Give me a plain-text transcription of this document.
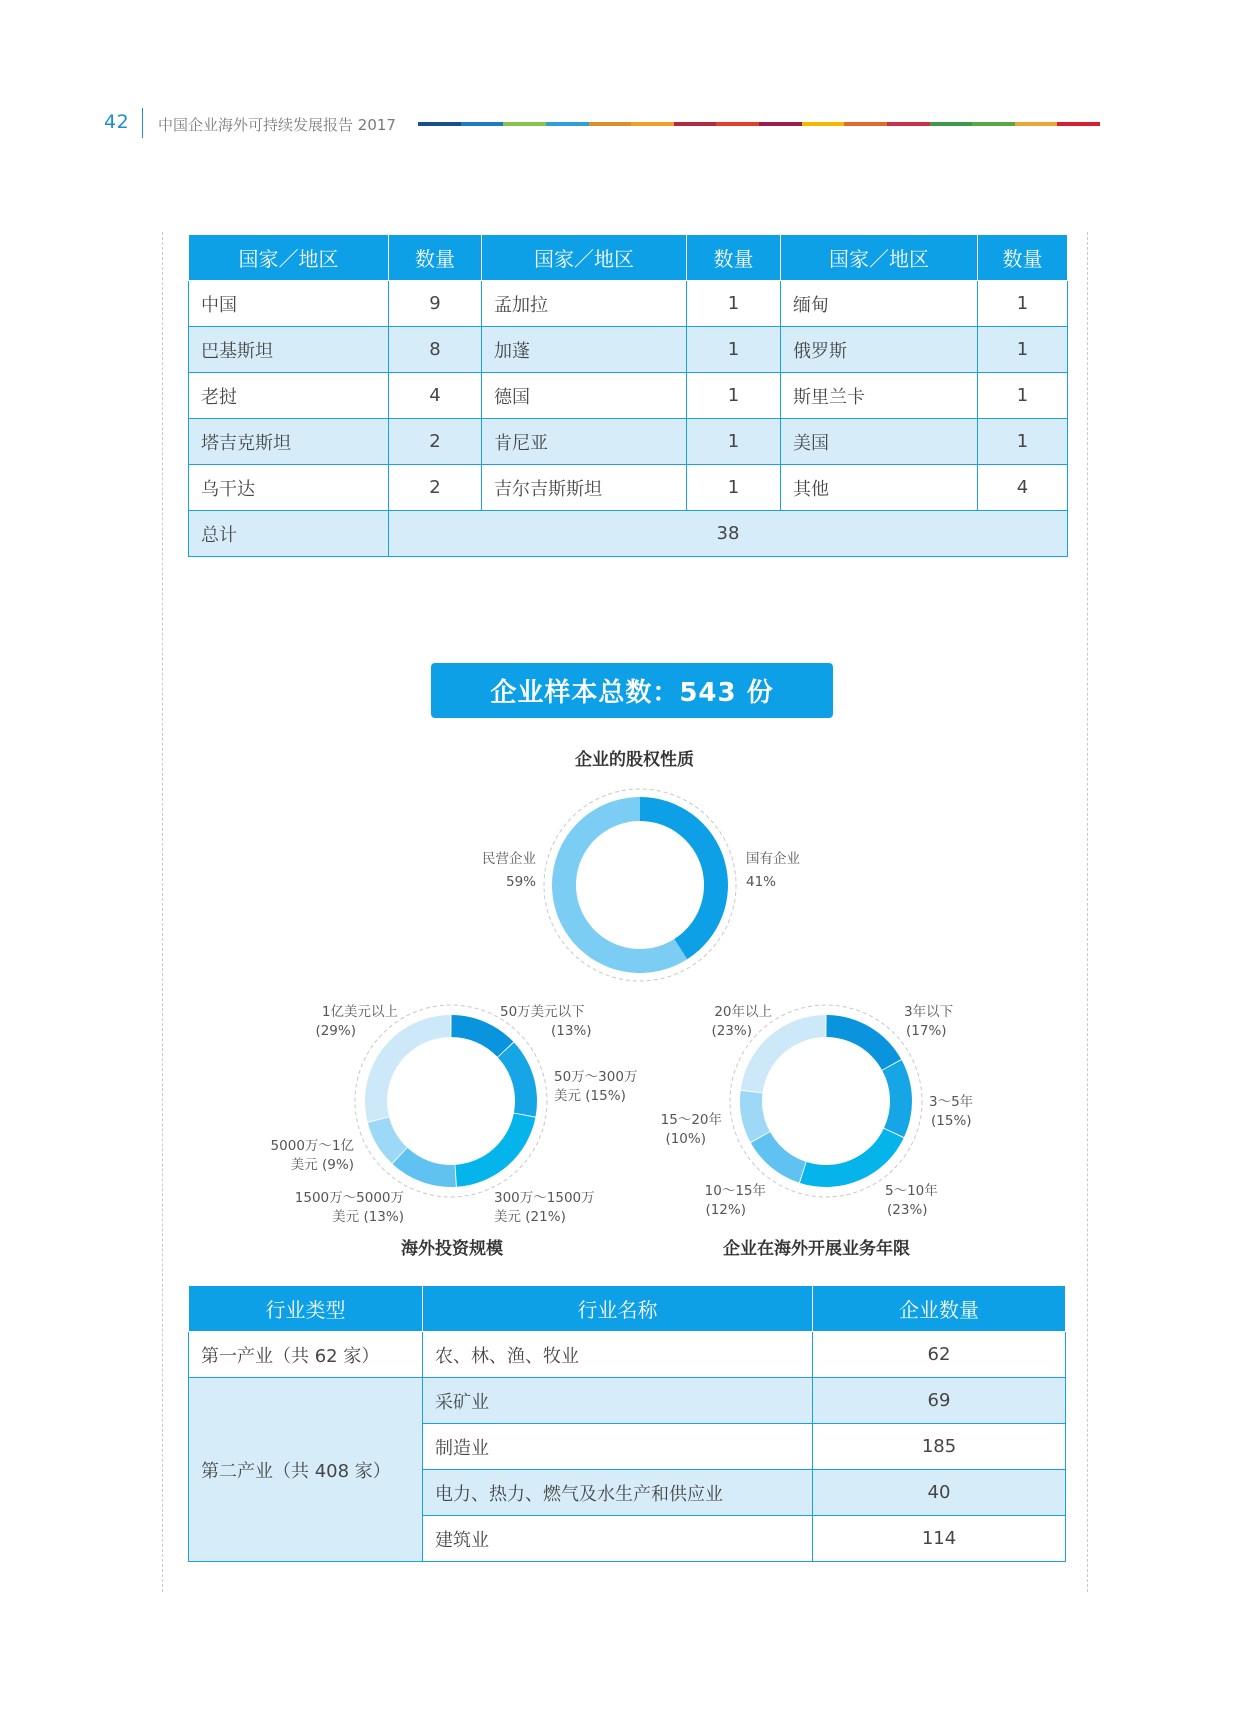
42 中国企业海外可持续发展报告 2017
国家／地区	数量	国家／地区	数量	国家／地区	数量
中国	9	孟加拉	1	缅甸	1
巴基斯坦	8	加蓬	1	俄罗斯	1
老挝	4	德国	1	斯里兰卡	1
塔吉克斯坦	2	肯尼亚	1	美国	1
乌干达	2	吉尔吉斯斯坦	1	其他	4
总计	38				
企业样本总数：543 份
企业的股权性质
民营企业
59%
国有企业
41%
1亿美元以上
(29%)
50万美元以下
(13%)
50万～300万
美元 (15%)
5000万～1亿
美元 (9%)
1500万～5000万
美元 (13%)
300万～1500万
美元 (21%)
海外投资规模
20年以上
(23%)
3年以下
(17%)
3～5年
(15%)
15～20年
(10%)
10～15年
(12%)
5～10年
(23%)
企业在海外开展业务年限
行业类型	行业名称	企业数量
第一产业（共 62 家）	农、林、渔、牧业	62
第二产业（共 408 家）	采矿业	69
	制造业	185
	电力、热力、燃气及水生产和供应业	40
	建筑业	114
